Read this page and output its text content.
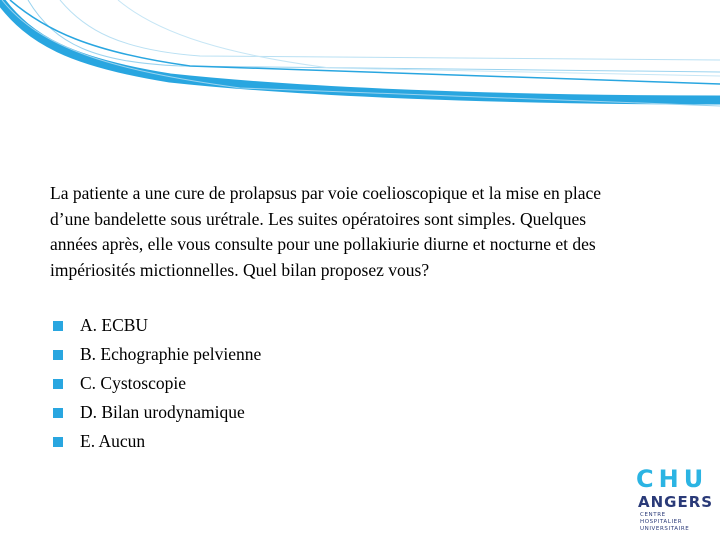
La patiente a une cure de prolapsus par voie coelioscopique et la mise en place
d’une bandelette sous urétrale. Les suites opératoires sont simples. Quelques
années après, elle vous consulte pour une pollakiurie diurne et nocturne et des
impériosités mictionnelles. Quel bilan proposez vous?

A. ECBU
B. Echographie pelvienne
C. Cystoscopie
D. Bilan urodynamique
E. Aucun
CHU
ANGERS
CENTRE HOSPITALIER
UNIVERSITAIRE
